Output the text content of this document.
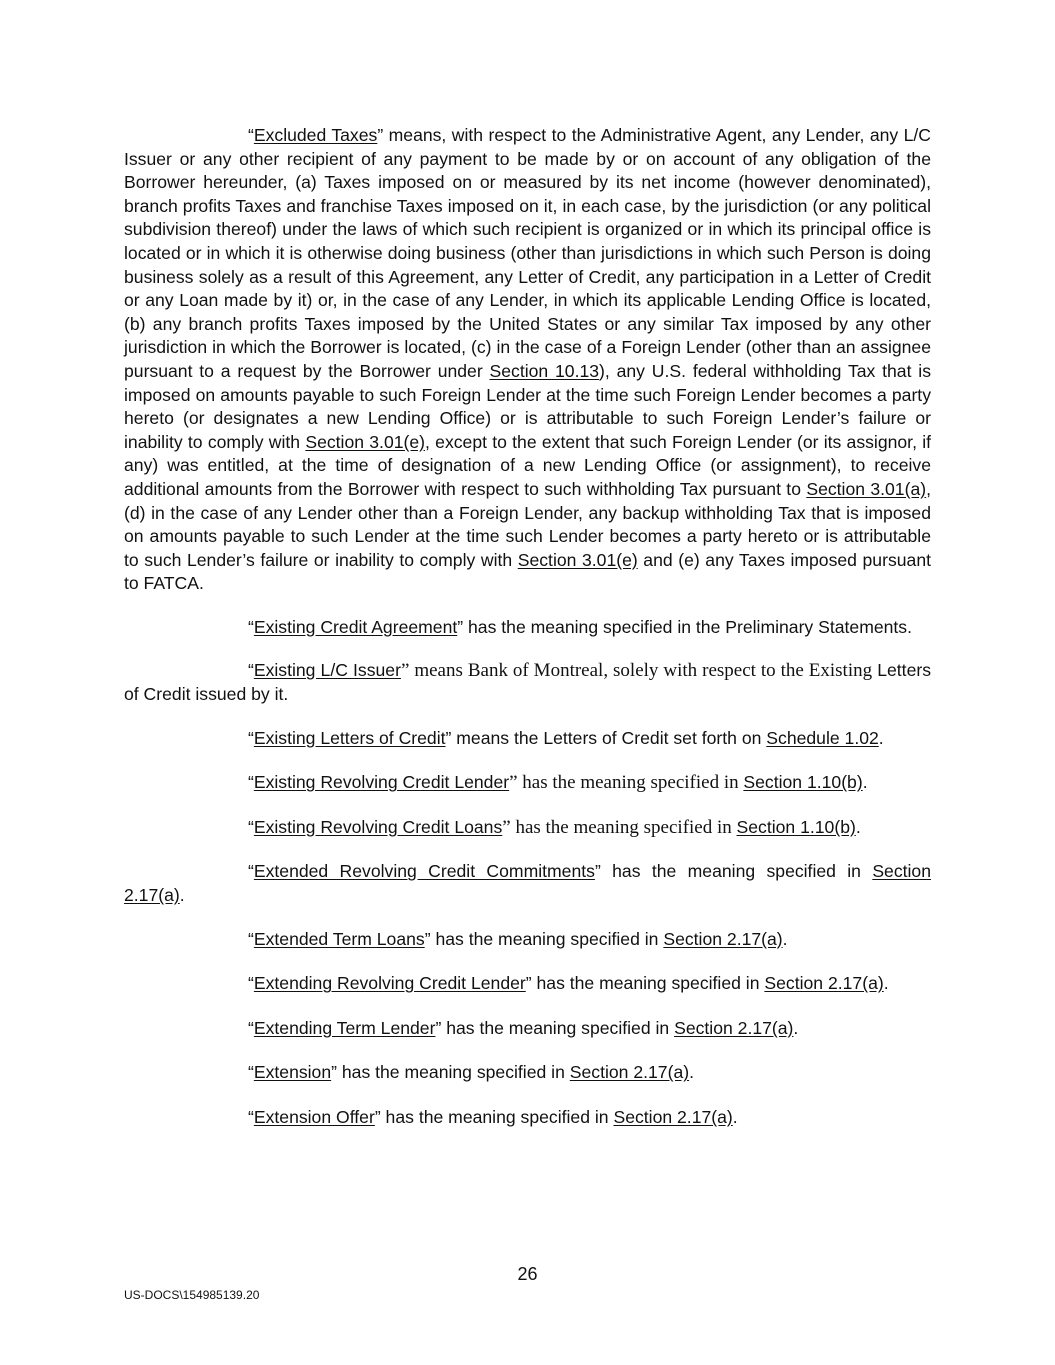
“Excluded Taxes” means, with respect to the Administrative Agent, any Lender, any L/C Issuer or any other recipient of any payment to be made by or on account of any obligation of the Borrower hereunder, (a) Taxes imposed on or measured by its net income (however denominated), branch profits Taxes and franchise Taxes imposed on it, in each case, by the jurisdiction (or any political subdivision thereof) under the laws of which such recipient is organized or in which its principal office is located or in which it is otherwise doing business (other than jurisdictions in which such Person is doing business solely as a result of this Agreement, any Letter of Credit, any participation in a Letter of Credit or any Loan made by it) or, in the case of any Lender, in which its applicable Lending Office is located, (b) any branch profits Taxes imposed by the United States or any similar Tax imposed by any other jurisdiction in which the Borrower is located, (c) in the case of a Foreign Lender (other than an assignee pursuant to a request by the Borrower under Section 10.13), any U.S. federal withholding Tax that is imposed on amounts payable to such Foreign Lender at the time such Foreign Lender becomes a party hereto (or designates a new Lending Office) or is attributable to such Foreign Lender’s failure or inability to comply with Section 3.01(e), except to the extent that such Foreign Lender (or its assignor, if any) was entitled, at the time of designation of a new Lending Office (or assignment), to receive additional amounts from the Borrower with respect to such withholding Tax pursuant to Section 3.01(a), (d) in the case of any Lender other than a Foreign Lender, any backup withholding Tax that is imposed on amounts payable to such Lender at the time such Lender becomes a party hereto or is attributable to such Lender’s failure or inability to comply with Section 3.01(e) and (e) any Taxes imposed pursuant to FATCA.

“Existing Credit Agreement” has the meaning specified in the Preliminary Statements.

“Existing L/C Issuer” means Bank of Montreal, solely with respect to the Existing Letters of Credit issued by it.

“Existing Letters of Credit” means the Letters of Credit set forth on Schedule 1.02.

“Existing Revolving Credit Lender” has the meaning specified in Section 1.10(b).

“Existing Revolving Credit Loans” has the meaning specified in Section 1.10(b).

“Extended Revolving Credit Commitments” has the meaning specified in Section 2.17(a).

“Extended Term Loans” has the meaning specified in Section 2.17(a).

“Extending Revolving Credit Lender” has the meaning specified in Section 2.17(a).

“Extending Term Lender” has the meaning specified in Section 2.17(a).

“Extension” has the meaning specified in Section 2.17(a).

“Extension Offer” has the meaning specified in Section 2.17(a).

26
US-DOCS\154985139.20
